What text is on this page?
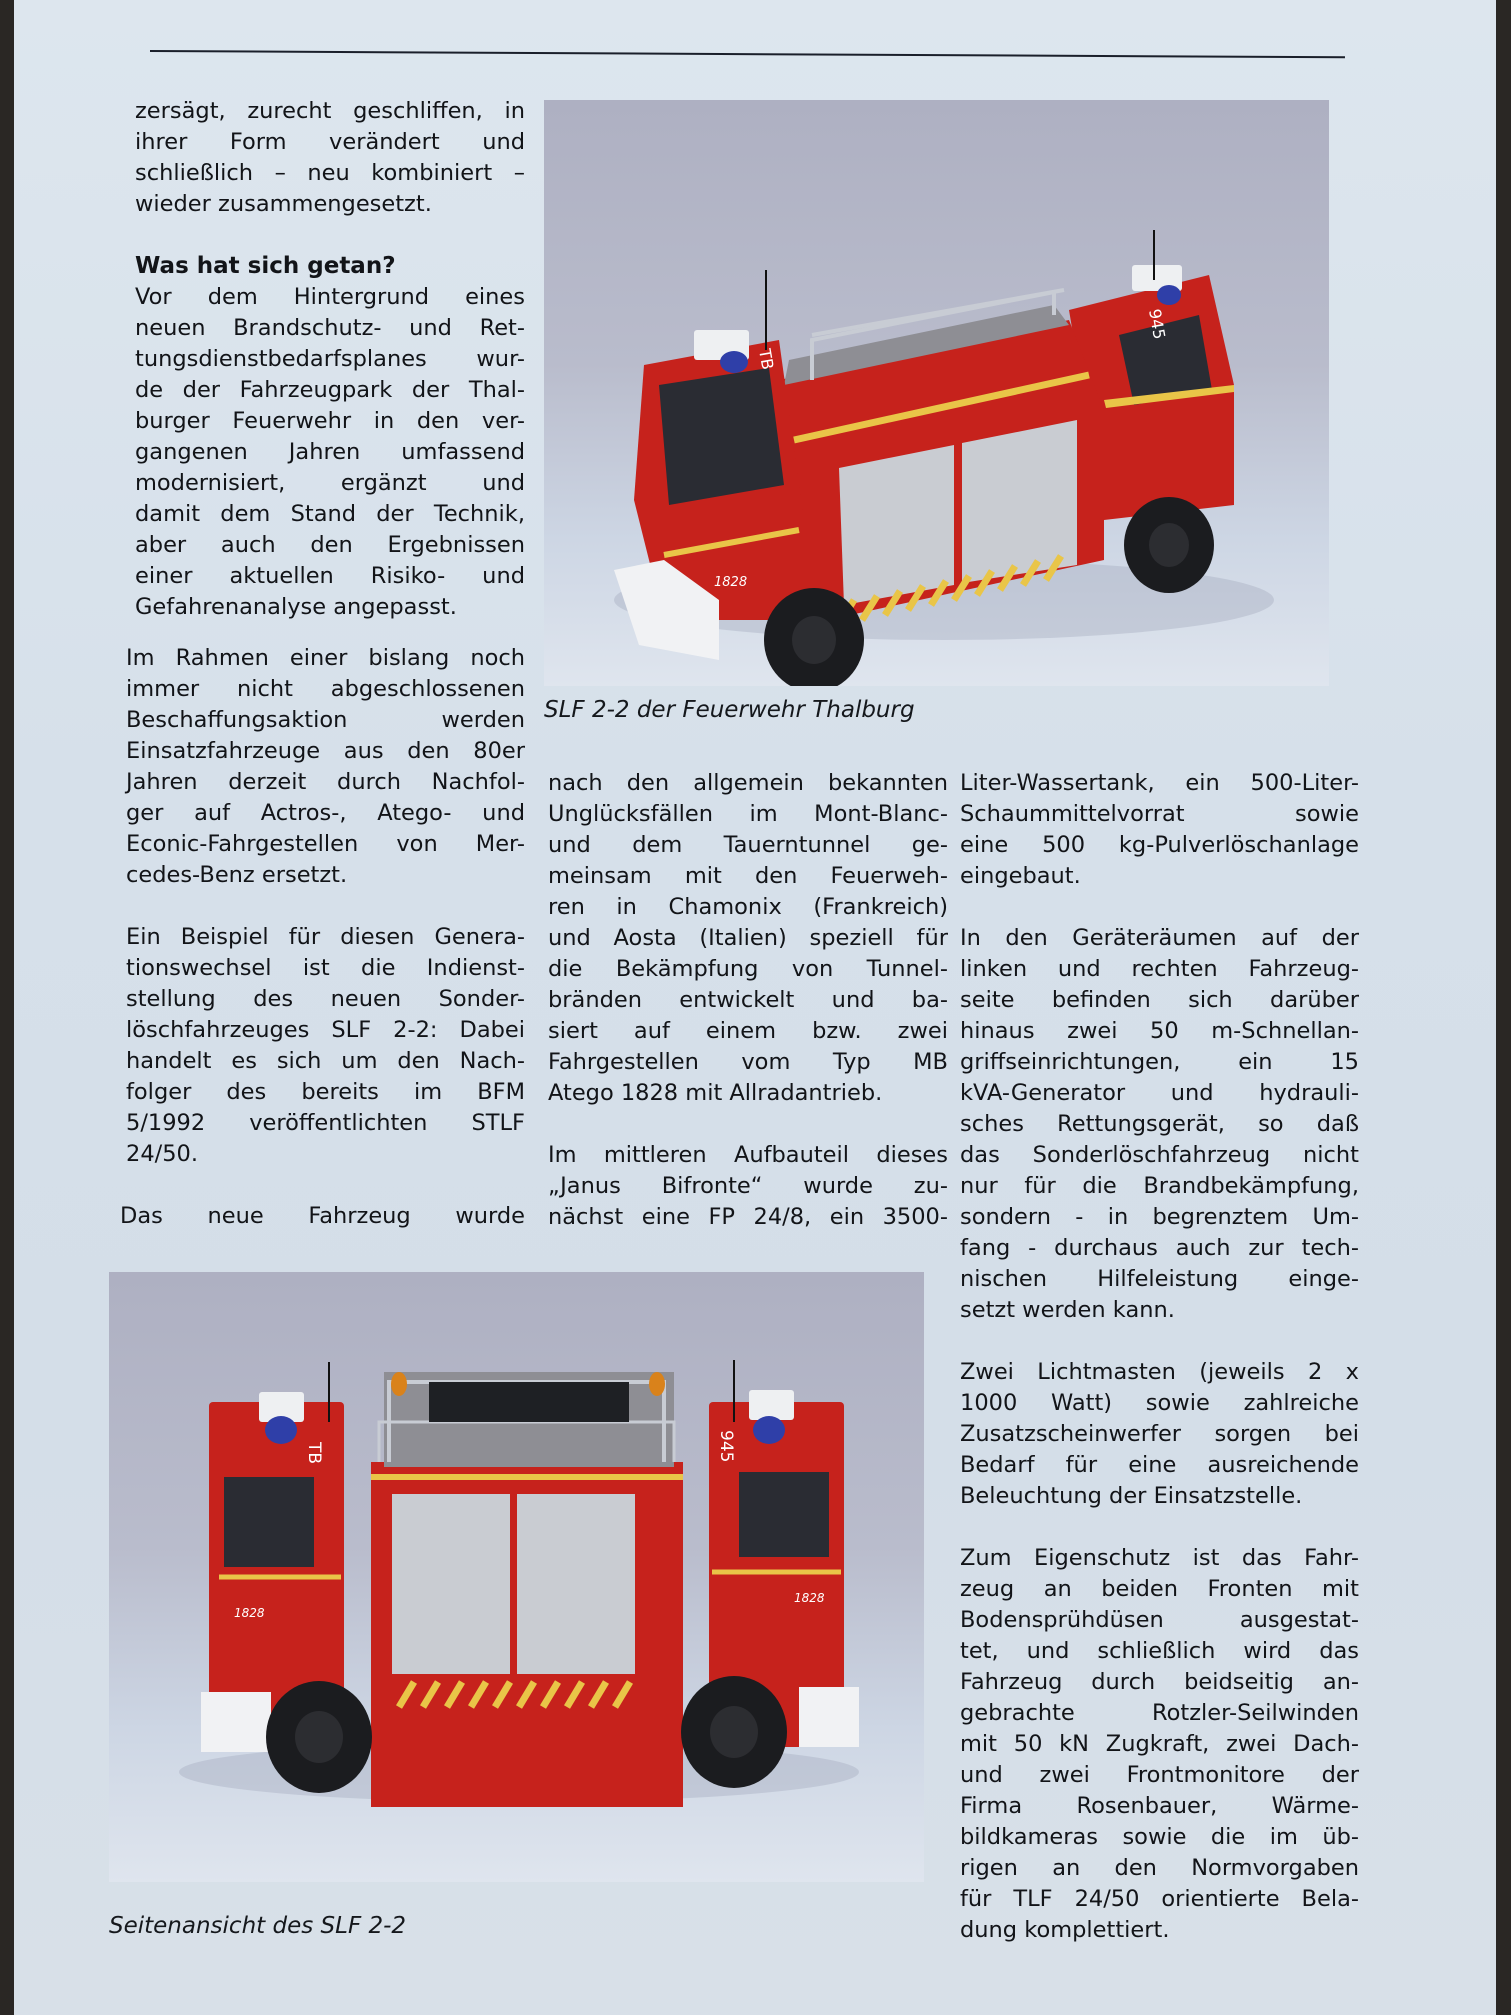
zersägt, zurecht geschliffen, in
ihrer Form verändert und
schließlich – neu kombiniert –
wieder zusammengesetzt.
Was hat sich getan?
Vor dem Hintergrund eines
neuen Brandschutz- und Ret-
tungsdienstbedarfsplanes wur-
de der Fahrzeugpark der Thal-
burger Feuerwehr in den ver-
gangenen Jahren umfassend
modernisiert, ergänzt und
damit dem Stand der Technik,
aber auch den Ergebnissen
einer aktuellen Risiko- und
Gefahrenanalyse angepasst.
Im Rahmen einer bislang noch
immer nicht abgeschlossenen
Beschaffungsaktion werden
Einsatzfahrzeuge aus den 80er
Jahren derzeit durch Nachfol-
ger auf Actros-, Atego- und
Econic-Fahrgestellen von Mer-
cedes-Benz ersetzt.
Ein Beispiel für diesen Genera-
tionswechsel ist die Indienst-
stellung des neuen Sonder-
löschfahrzeuges SLF 2-2: Dabei
handelt es sich um den Nach-
folger des bereits im BFM
5/1992 veröffentlichten STLF
24/50.
Das neue Fahrzeug wurde
945
TB
1828
SLF 2-2 der Feuerwehr Thalburg
nach den allgemein bekannten
Unglücksfällen im Mont-Blanc-
und dem Tauerntunnel ge-
meinsam mit den Feuerweh-
ren in Chamonix (Frankreich)
und Aosta (Italien) speziell für
die Bekämpfung von Tunnel-
bränden entwickelt und ba-
siert auf einem bzw. zwei
Fahrgestellen vom Typ MB
Atego 1828 mit Allradantrieb.
Im mittleren Aufbauteil dieses
„Janus Bifronte“ wurde zu-
nächst eine FP 24/8, ein 3500-
Liter-Wassertank, ein 500-Liter-
Schaummittelvorrat sowie
eine 500 kg-Pulverlöschanlage
eingebaut.
In den Geräteräumen auf der
linken und rechten Fahrzeug-
seite befinden sich darüber
hinaus zwei 50 m-Schnellan-
griffseinrichtungen, ein 15
kVA-Generator und hydrauli-
sches Rettungsgerät, so daß
das Sonderlöschfahrzeug nicht
nur für die Brandbekämpfung,
sondern - in begrenztem Um-
fang - durchaus auch zur tech-
nischen Hilfeleistung einge-
setzt werden kann.
Zwei Lichtmasten (jeweils 2 x
1000 Watt) sowie zahlreiche
Zusatzscheinwerfer sorgen bei
Bedarf für eine ausreichende
Beleuchtung der Einsatzstelle.
Zum Eigenschutz ist das Fahr-
zeug an beiden Fronten mit
Bodensprühdüsen ausgestat-
tet, und schließlich wird das
Fahrzeug durch beidseitig an-
gebrachte Rotzler-Seilwinden
mit 50 kN Zugkraft, zwei Dach-
und zwei Frontmonitore der
Firma Rosenbauer, Wärme-
bildkameras sowie die im üb-
rigen an den Normvorgaben
für TLF 24/50 orientierte Bela-
dung komplettiert.
TB
1828
945
1828
Seitenansicht des SLF 2-2
